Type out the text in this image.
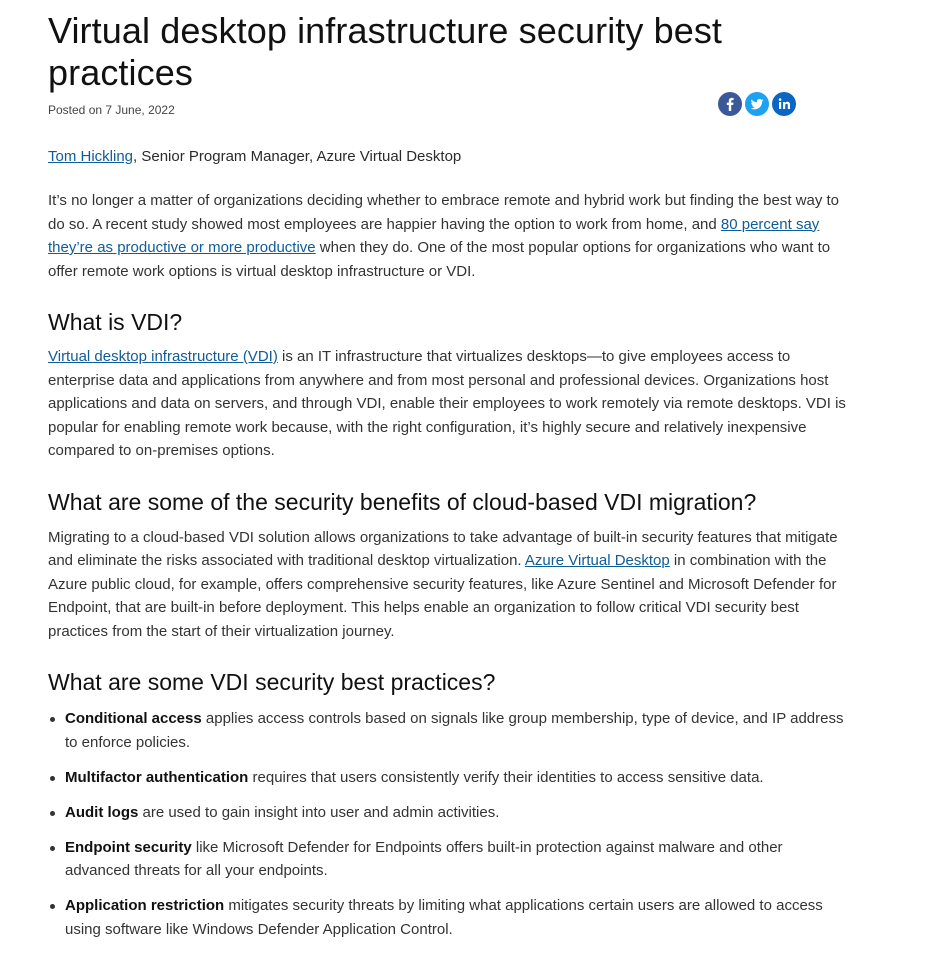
Virtual desktop infrastructure security best practices
Posted on 7 June, 2022
Tom Hickling, Senior Program Manager, Azure Virtual Desktop

It’s no longer a matter of organizations deciding whether to embrace remote and hybrid work but finding the best way to do so. A recent study showed most employees are happier having the option to work from home, and 80 percent say they’re as productive or more productive when they do. One of the most popular options for organizations who want to offer remote work options is virtual desktop infrastructure or VDI.

What is VDI?

Virtual desktop infrastructure (VDI) is an IT infrastructure that virtualizes desktops—to give employees access to enterprise data and applications from anywhere and from most personal and professional devices. Organizations host applications and data on servers, and through VDI, enable their employees to work remotely via remote desktops. VDI is popular for enabling remote work because, with the right configuration, it’s highly secure and relatively inexpensive compared to on-premises options.

What are some of the security benefits of cloud-based VDI migration?

Migrating to a cloud-based VDI solution allows organizations to take advantage of built-in security features that mitigate and eliminate the risks associated with traditional desktop virtualization. Azure Virtual Desktop in combination with the Azure public cloud, for example, offers comprehensive security features, like Azure Sentinel and Microsoft Defender for Endpoint, that are built-in before deployment. This helps enable an organization to follow critical VDI security best practices from the start of their virtualization journey.

What are some VDI security best practices?
Conditional access applies access controls based on signals like group membership, type of device, and IP address to enforce policies.
Multifactor authentication requires that users consistently verify their identities to access sensitive data.
Audit logs are used to gain insight into user and admin activities.
Endpoint security like Microsoft Defender for Endpoints offers built-in protection against malware and other advanced threats for all your endpoints.
Application restriction mitigates security threats by limiting what applications certain users are allowed to access using software like Windows Defender Application Control.
